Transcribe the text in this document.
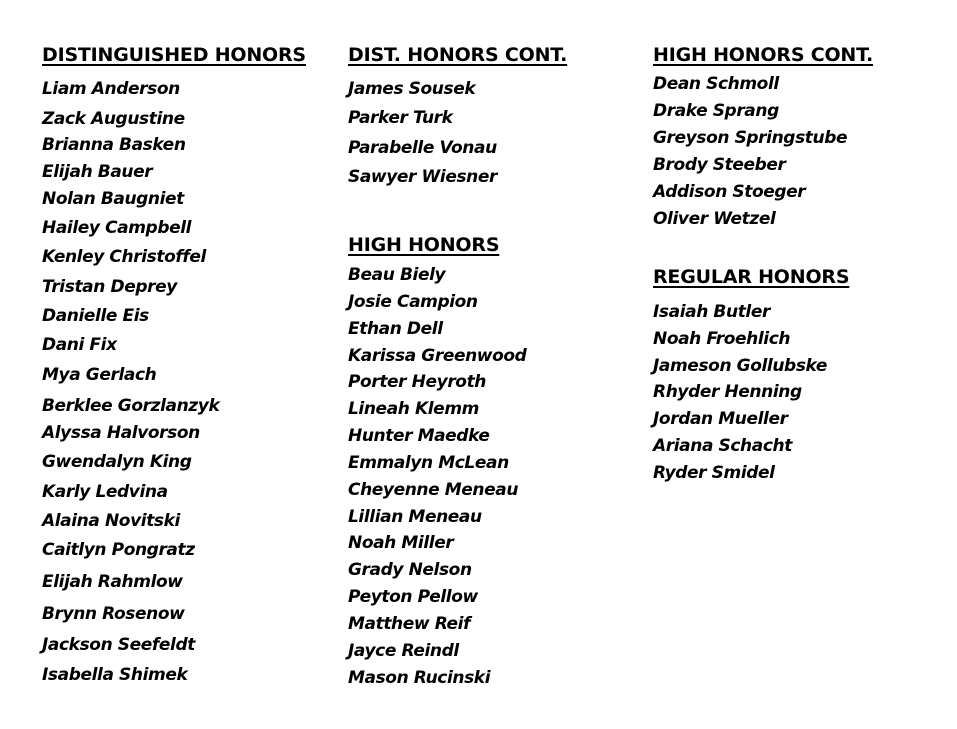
DISTINGUISHED HONORS
Liam Anderson
Zack Augustine
Brianna Basken
Elijah Bauer
Nolan Baugniet
Hailey Campbell
Kenley Christoffel
Tristan Deprey
Danielle Eis
Dani Fix
Mya Gerlach
Berklee Gorzlanzyk
Alyssa Halvorson
Gwendalyn King
Karly Ledvina
Alaina Novitski
Caitlyn Pongratz
Elijah Rahmlow
Brynn Rosenow
Jackson Seefeldt
Isabella Shimek
DIST. HONORS CONT.
James Sousek
Parker Turk
Parabelle Vonau
Sawyer Wiesner
HIGH HONORS
Beau Biely
Josie Campion
Ethan Dell
Karissa Greenwood
Porter Heyroth
Lineah Klemm
Hunter Maedke
Emmalyn McLean
Cheyenne Meneau
Lillian Meneau
Noah Miller
Grady Nelson
Peyton Pellow
Matthew Reif
Jayce Reindl
Mason Rucinski
HIGH HONORS CONT.
Dean Schmoll
Drake Sprang
Greyson Springstube
Brody Steeber
Addison Stoeger
Oliver Wetzel
REGULAR HONORS
Isaiah Butler
Noah Froehlich
Jameson Gollubske
Rhyder Henning
Jordan Mueller
Ariana Schacht
Ryder Smidel
